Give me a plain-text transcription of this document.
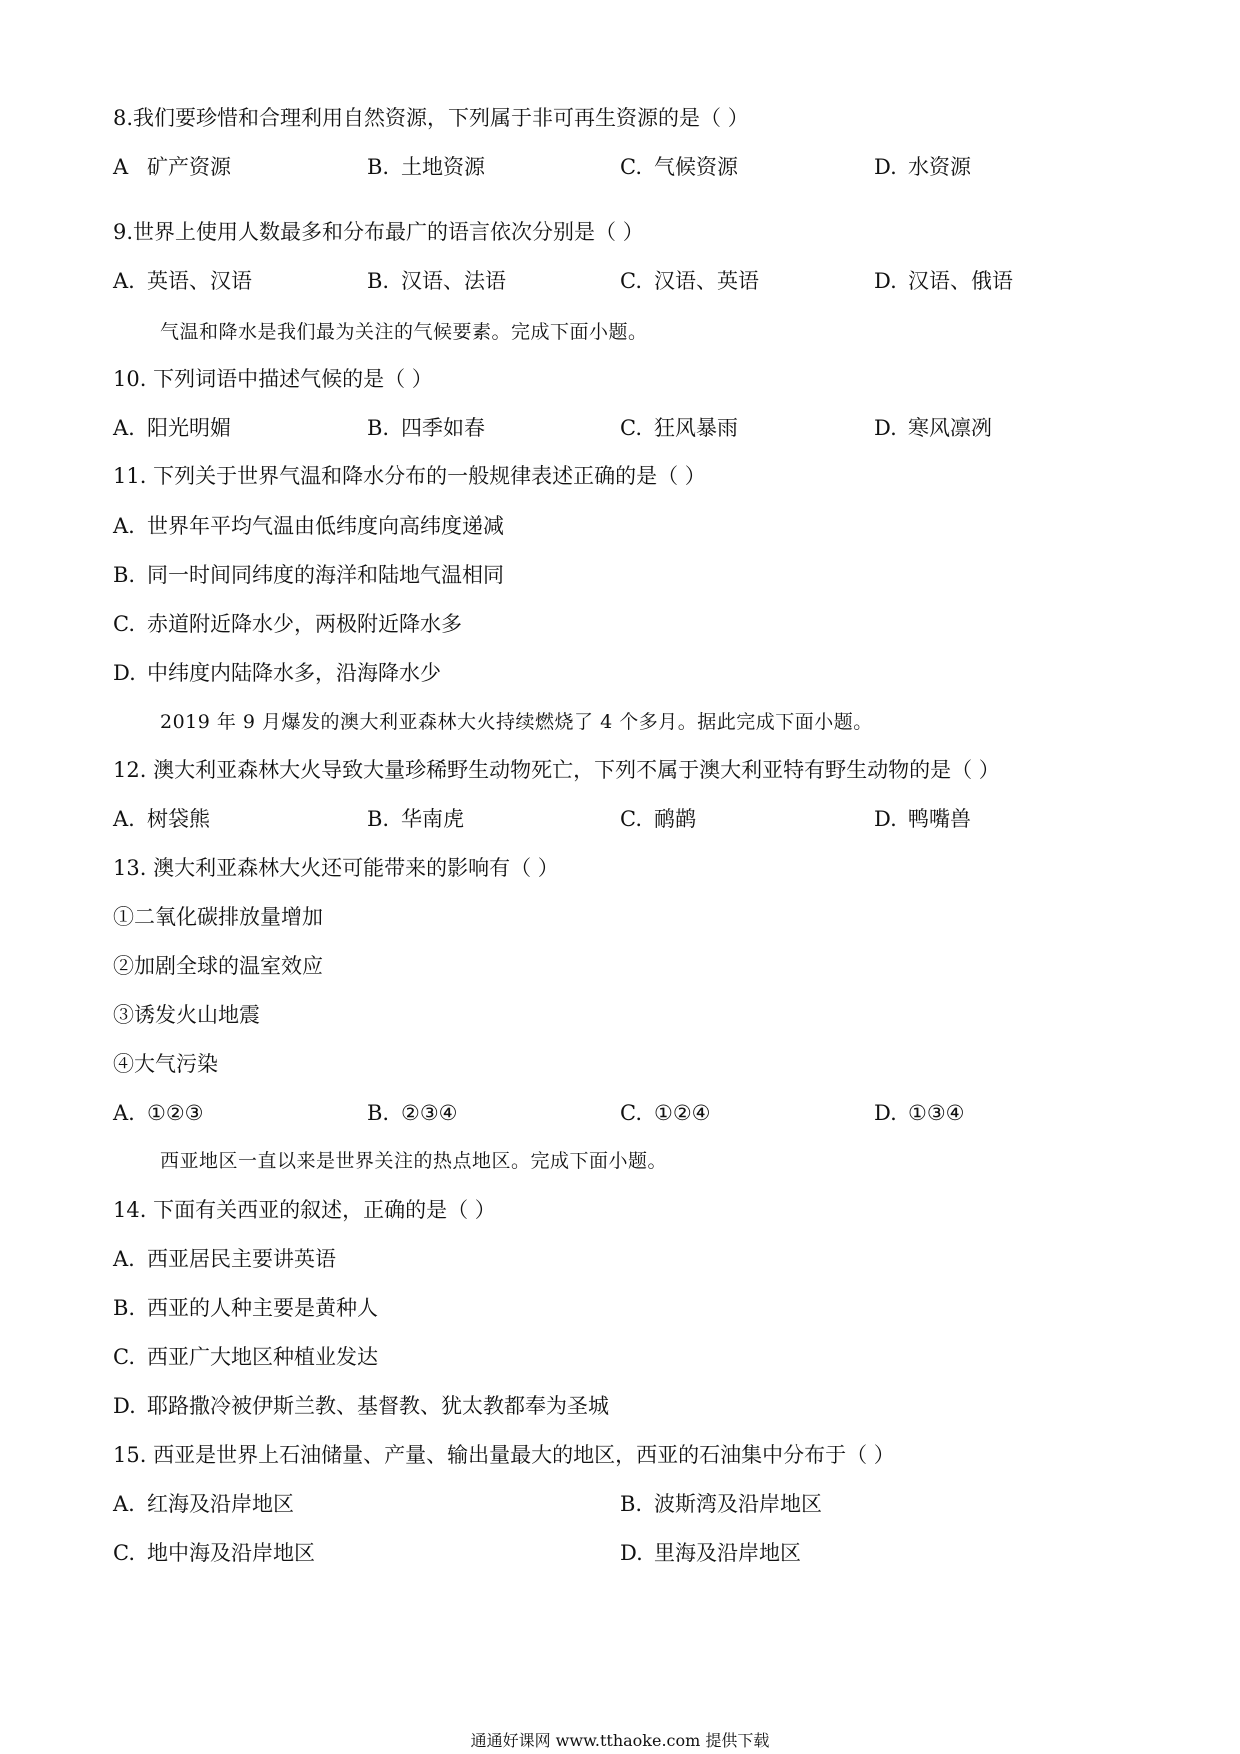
8.我们要珍惜和合理利用自然资源，下列属于非可再生资源的是（ ）
A 矿产资源	B. 土地资源	C. 气候资源	D. 水资源
9.世界上使用人数最多和分布最广的语言依次分别是（ ）
A. 英语、汉语	B. 汉语、法语	C. 汉语、英语	D. 汉语、俄语
气温和降水是我们最为关注的气候要素。完成下面小题。
10. 下列词语中描述气候的是（ ）
A. 阳光明媚	B. 四季如春	C. 狂风暴雨	D. 寒风凛冽
11. 下列关于世界气温和降水分布的一般规律表述正确的是（ ）
A. 世界年平均气温由低纬度向高纬度递减
B. 同一时间同纬度的海洋和陆地气温相同
C. 赤道附近降水少，两极附近降水多
D. 中纬度内陆降水多，沿海降水少
2019 年 9 月爆发的澳大利亚森林大火持续燃烧了 4 个多月。据此完成下面小题。
12. 澳大利亚森林大火导致大量珍稀野生动物死亡，下列不属于澳大利亚特有野生动物的是（ ）
A. 树袋熊	B. 华南虎	C. 鸸鹋	D. 鸭嘴兽
13. 澳大利亚森林大火还可能带来的影响有（ ）
①二氧化碳排放量增加
②加剧全球的温室效应
③诱发火山地震
④大气污染
A. ①②③	B. ②③④	C. ①②④	D. ①③④
西亚地区一直以来是世界关注的热点地区。完成下面小题。
14. 下面有关西亚的叙述，正确的是（ ）
A. 西亚居民主要讲英语
B. 西亚的人种主要是黄种人
C. 西亚广大地区种植业发达
D. 耶路撒冷被伊斯兰教、基督教、犹太教都奉为圣城
15. 西亚是世界上石油储量、产量、输出量最大的地区，西亚的石油集中分布于（ ）
A. 红海及沿岸地区	B. 波斯湾及沿岸地区
C. 地中海及沿岸地区	D. 里海及沿岸地区
通通好课网 www.tthaoke.com 提供下载
